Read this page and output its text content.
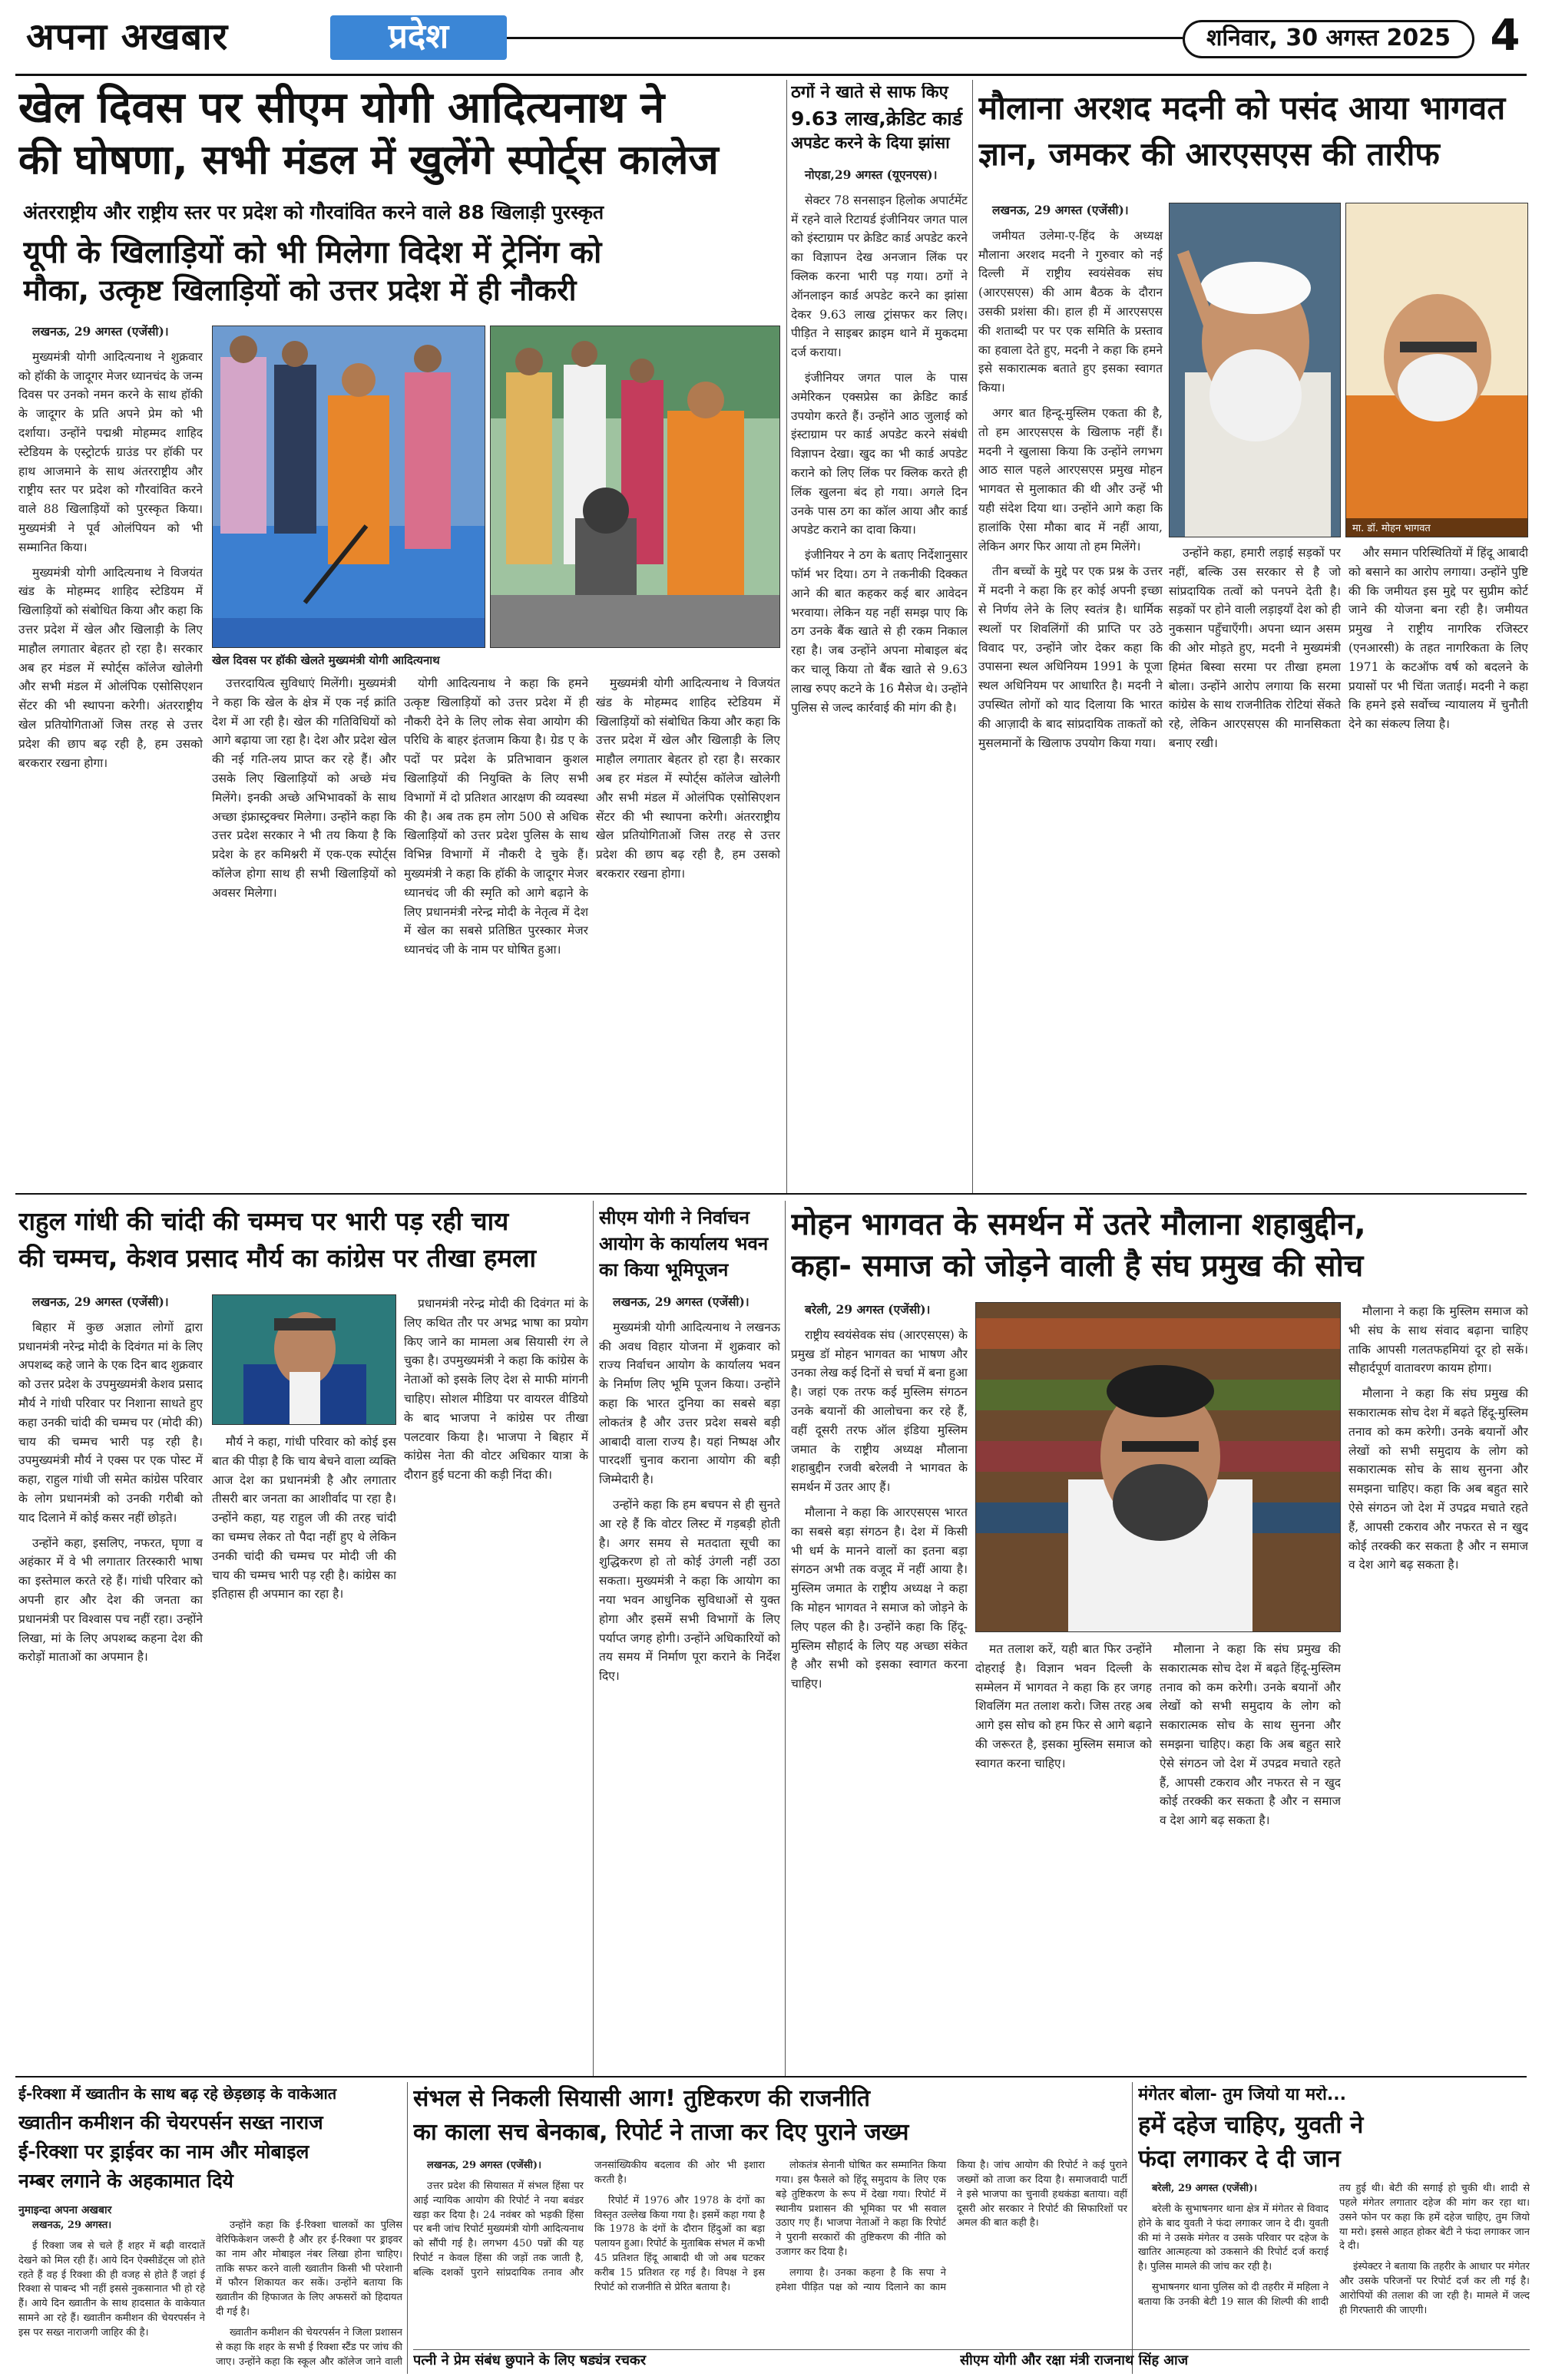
अपना अखबार	प्रदेश	शनिवार, 30 अगस्त 2025 4
खेल दिवस पर सीएम योगी आदित्यनाथ ने
की घोषणा, सभी मंडल में खुलेंगे स्पोर्ट्स कालेज
अंतरराष्ट्रीय और राष्ट्रीय स्तर पर प्रदेश को गौरवांवित करने वाले 88 खिलाड़ी पुरस्कृत
यूपी के खिलाड़ियों को भी मिलेगा विदेश में ट्रेनिंग को
मौका, उत्कृष्ट खिलाड़ियों को उत्तर प्रदेश में ही नौकरी

लखनऊ, 29 अगस्त (एजेंसी)।

मुख्यमंत्री योगी आदित्यनाथ ने शुक्रवार को हॉकी के जादूगर मेजर ध्यानचंद के जन्म दिवस पर उनको नमन करने के साथ हॉकी के जादूगर के प्रति अपने प्रेम को भी दर्शाया। उन्होंने पद्मश्री मोहम्मद शाहिद स्टेडियम के एस्ट्रोटर्फ ग्राउंड पर हॉकी पर हाथ आजमाने के साथ अंतरराष्ट्रीय और राष्ट्रीय स्तर पर प्रदेश को गौरवांवित करने वाले 88 खिलाड़ियों को पुरस्कृत किया। मुख्यमंत्री ने पूर्व ओलंपियन को भी सम्मानित किया।

मुख्यमंत्री योगी आदित्यनाथ ने विजयंत खंड के मोहम्मद शाहिद स्टेडियम में खिलाड़ियों को संबोधित किया और कहा कि उत्तर प्रदेश में खेल और खिलाड़ी के लिए माहौल लगातार बेहतर हो रहा है। सरकार अब हर मंडल में स्पोर्ट्स कॉलेज खोलेगी और सभी मंडल में ओलंपिक एसोसिएशन सेंटर की भी स्थापना करेगी। अंतरराष्ट्रीय खेल प्रतियोगिताओं जिस तरह से उत्तर प्रदेश की छाप बढ़ रही है, हम उसको बरकरार रखना होगा।

खेल दिवस पर हॉकी खेलते मुख्यमंत्री योगी आदित्यनाथ

उत्तरदायित्व सुविधाएं मिलेंगी। मुख्यमंत्री ने कहा कि खेल के क्षेत्र में एक नई क्रांति देश में आ रही है। खेल की गतिविधियों को आगे बढ़ाया जा रहा है। देश और प्रदेश खेल की नई गति-लय प्राप्त कर रहे हैं। और उसके लिए खिलाड़ियों को अच्छे मंच मिलेंगे। इनकी अच्छे अभिभावकों के साथ अच्छा इंफ्रास्ट्रक्चर मिलेगा। उन्होंने कहा कि उत्तर प्रदेश सरकार ने भी तय किया है कि प्रदेश के हर कमिश्नरी में एक-एक स्पोर्ट्स कॉलेज होगा साथ ही सभी खिलाड़ियों को अवसर मिलेगा।

योगी आदित्यनाथ ने कहा कि हमने उत्कृष्ट खिलाड़ियों को उत्तर प्रदेश में ही नौकरी देने के लिए लोक सेवा आयोग की परिधि के बाहर इंतजाम किया है। ग्रेड ए के पदों पर प्रदेश के प्रतिभावान कुशल खिलाड़ियों की नियुक्ति के लिए सभी विभागों में दो प्रतिशत आरक्षण की व्यवस्था की है। अब तक हम लोग 500 से अधिक खिलाड़ियों को उत्तर प्रदेश पुलिस के साथ विभिन्न विभागों में नौकरी दे चुके हैं। मुख्यमंत्री ने कहा कि हॉकी के जादूगर मेजर ध्यानचंद जी की स्मृति को आगे बढ़ाने के लिए प्रधानमंत्री नरेन्द्र मोदी के नेतृत्व में देश में खेल का सबसे प्रतिष्ठित पुरस्कार मेजर ध्यानचंद जी के नाम पर घोषित हुआ।

मुख्यमंत्री योगी आदित्यनाथ ने विजयंत खंड के मोहम्मद शाहिद स्टेडियम में खिलाड़ियों को संबोधित किया और कहा कि उत्तर प्रदेश में खेल और खिलाड़ी के लिए माहौल लगातार बेहतर हो रहा है। सरकार अब हर मंडल में स्पोर्ट्स कॉलेज खोलेगी और सभी मंडल में ओलंपिक एसोसिएशन सेंटर की भी स्थापना करेगी। अंतरराष्ट्रीय खेल प्रतियोगिताओं जिस तरह से उत्तर प्रदेश की छाप बढ़ रही है, हम उसको बरकरार रखना होगा।

ठगों ने खाते से साफ किए
9.63 लाख,क्रेडिट कार्ड
अपडेट करने के दिया झांसा

नोएडा,29 अगस्त (यूएनएस)।

सेक्टर 78 सनसाइन हिलोक अपार्टमेंट में रहने वाले रिटायर्ड इंजीनियर जगत पाल को इंस्टाग्राम पर क्रेडिट कार्ड अपडेट करने का विज्ञापन देख अनजान लिंक पर क्लिक करना भारी पड़ गया। ठगों ने ऑनलाइन कार्ड अपडेट करने का झांसा देकर 9.63 लाख ट्रांसफर कर लिए। पीड़ित ने साइबर क्राइम थाने में मुकदमा दर्ज कराया।

इंजीनियर जगत पाल के पास अमेरिकन एक्सप्रेस का क्रेडिट कार्ड उपयोग करते हैं। उन्होंने आठ जुलाई को इंस्टाग्राम पर कार्ड अपडेट करने संबंधी विज्ञापन देखा। खुद का भी कार्ड अपडेट कराने को लिए लिंक पर क्लिक करते ही लिंक खुलना बंद हो गया। अगले दिन उनके पास ठग का कॉल आया और कार्ड अपडेट कराने का दावा किया।

इंजीनियर ने ठग के बताए निर्देशानुसार फॉर्म भर दिया। ठग ने तकनीकी दिक्कत आने की बात कहकर कई बार आवेदन भरवाया। लेकिन यह नहीं समझ पाए कि ठग उनके बैंक खाते से ही रकम निकाल रहा है। जब उन्होंने अपना मोबाइल बंद कर चालू किया तो बैंक खाते से 9.63 लाख रुपए कटने के 16 मैसेज थे। उन्होंने पुलिस से जल्द कार्रवाई की मांग की है।

मौलाना अरशद मदनी को पसंद आया भागवत
ज्ञान, जमकर की आरएसएस की तारीफ

लखनऊ, 29 अगस्त (एजेंसी)।

जमीयत उलेमा-ए-हिंद के अध्यक्ष मौलाना अरशद मदनी ने गुरुवार को नई दिल्ली में राष्ट्रीय स्वयंसेवक संघ (आरएसएस) की आम बैठक के दौरान उसकी प्रशंसा की। हाल ही में आरएसएस की शताब्दी पर पर एक समिति के प्रस्ताव का हवाला देते हुए, मदनी ने कहा कि हमने इसे सकारात्मक बताते हुए इसका स्वागत किया।

अगर बात हिन्दू-मुस्लिम एकता की है, तो हम आरएसएस के खिलाफ नहीं हैं। मदनी ने खुलासा किया कि उन्होंने लगभग आठ साल पहले आरएसएस प्रमुख मोहन भागवत से मुलाकात की थी और उन्हें भी यही संदेश दिया था। उन्होंने आगे कहा कि हालांकि ऐसा मौका बाद में नहीं आया, लेकिन अगर फिर आया तो हम मिलेंगे।

तीन बच्चों के मुद्दे पर एक प्रश्न के उत्तर में मदनी ने कहा कि हर कोई अपनी इच्छा से निर्णय लेने के लिए स्वतंत्र है। धार्मिक स्थलों पर शिवलिंगों की प्राप्ति पर उठे विवाद पर, उन्होंने जोर देकर कहा कि उपासना स्थल अधिनियम 1991 के पूजा स्थल अधिनियम पर आधारित है। मदनी ने उपस्थित लोगों को याद दिलाया कि भारत की आज़ादी के बाद सांप्रदायिक ताकतों को मुसलमानों के खिलाफ उपयोग किया गया।

मा. डॉ. मोहन भागवत

उन्होंने कहा, हमारी लड़ाई सड़कों पर नहीं, बल्कि उस सरकार से है जो सांप्रदायिक तत्वों को पनपने देती है। सड़कों पर होने वाली लड़ाइयाँ देश को ही नुकसान पहुँचाएँगी। अपना ध्यान असम की ओर मोड़ते हुए, मदनी ने मुख्यमंत्री हिमंत बिस्वा सरमा पर तीखा हमला बोला। उन्होंने आरोप लगाया कि सरमा कांग्रेस के साथ राजनीतिक रोटियां सेंकते रहे, लेकिन आरएसएस की मानसिकता बनाए रखी।

और समान परिस्थितियों में हिंदू आबादी को बसाने का आरोप लगाया। उन्होंने पुष्टि की कि जमीयत इस मुद्दे पर सुप्रीम कोर्ट जाने की योजना बना रही है। जमीयत प्रमुख ने राष्ट्रीय नागरिक रजिस्टर (एनआरसी) के तहत नागरिकता के लिए 1971 के कटऑफ वर्ष को बदलने के प्रयासों पर भी चिंता जताई। मदनी ने कहा कि हमने इसे सर्वोच्च न्यायालय में चुनौती देने का संकल्प लिया है।

राहुल गांधी की चांदी की चम्मच पर भारी पड़ रही चाय
की चम्मच, केशव प्रसाद मौर्य का कांग्रेस पर तीखा हमला

लखनऊ, 29 अगस्त (एजेंसी)।

बिहार में कुछ अज्ञात लोगों द्वारा प्रधानमंत्री नरेन्द्र मोदी के दिवंगत मां के लिए अपशब्द कहे जाने के एक दिन बाद शुक्रवार को उत्तर प्रदेश के उपमुख्यमंत्री केशव प्रसाद मौर्य ने गांधी परिवार पर निशाना साधते हुए कहा उनकी चांदी की चम्मच पर (मोदी की) चाय की चम्मच भारी पड़ रही है। उपमुख्यमंत्री मौर्य ने एक्स पर एक पोस्ट में कहा, राहुल गांधी जी समेत कांग्रेस परिवार के लोग प्रधानमंत्री को उनकी गरीबी को याद दिलाने में कोई कसर नहीं छोड़ते।

उन्होंने कहा, इसलिए, नफरत, घृणा व अहंकार में वे भी लगातार तिरस्कारी भाषा का इस्तेमाल करते रहे हैं। गांधी परिवार को अपनी हार और देश की जनता का प्रधानमंत्री पर विश्वास पच नहीं रहा। उन्होंने लिखा, मां के लिए अपशब्द कहना देश की करोड़ों माताओं का अपमान है।

मौर्य ने कहा, गांधी परिवार को कोई इस बात की पीड़ा है कि चाय बेचने वाला व्यक्ति आज देश का प्रधानमंत्री है और लगातार तीसरी बार जनता का आशीर्वाद पा रहा है। उन्होंने कहा, यह राहुल जी की तरह चांदी का चम्मच लेकर तो पैदा नहीं हुए थे लेकिन उनकी चांदी की चम्मच पर मोदी जी की चाय की चम्मच भारी पड़ रही है। कांग्रेस का इतिहास ही अपमान का रहा है।

प्रधानमंत्री नरेन्द्र मोदी की दिवंगत मां के लिए कथित तौर पर अभद्र भाषा का प्रयोग किए जाने का मामला अब सियासी रंग ले चुका है। उपमुख्यमंत्री ने कहा कि कांग्रेस के नेताओं को इसके लिए देश से माफी मांगनी चाहिए। सोशल मीडिया पर वायरल वीडियो के बाद भाजपा ने कांग्रेस पर तीखा पलटवार किया है। भाजपा ने बिहार में कांग्रेस नेता की वोटर अधिकार यात्रा के दौरान हुई घटना की कड़ी निंदा की।

सीएम योगी ने निर्वाचन
आयोग के कार्यालय भवन
का किया भूमिपूजन

लखनऊ, 29 अगस्त (एजेंसी)।

मुख्यमंत्री योगी आदित्यनाथ ने लखनऊ की अवध विहार योजना में शुक्रवार को राज्य निर्वाचन आयोग के कार्यालय भवन के निर्माण लिए भूमि पूजन किया। उन्होंने कहा कि भारत दुनिया का सबसे बड़ा लोकतंत्र है और उत्तर प्रदेश सबसे बड़ी आबादी वाला राज्य है। यहां निष्पक्ष और पारदर्शी चुनाव कराना आयोग की बड़ी जिम्मेदारी है।

उन्होंने कहा कि हम बचपन से ही सुनते आ रहे हैं कि वोटर लिस्ट में गड़बड़ी होती है। अगर समय से मतदाता सूची का शुद्धिकरण हो तो कोई उंगली नहीं उठा सकता। मुख्यमंत्री ने कहा कि आयोग का नया भवन आधुनिक सुविधाओं से युक्त होगा और इसमें सभी विभागों के लिए पर्याप्त जगह होगी। उन्होंने अधिकारियों को तय समय में निर्माण पूरा कराने के निर्देश दिए।

मोहन भागवत के समर्थन में उतरे मौलाना शहाबुद्दीन,
कहा- समाज को जोड़ने वाली है संघ प्रमुख की सोच

बरेली, 29 अगस्त (एजेंसी)।

राष्ट्रीय स्वयंसेवक संघ (आरएसएस) के प्रमुख डॉ मोहन भागवत का भाषण और उनका लेख कई दिनों से चर्चा में बना हुआ है। जहां एक तरफ कई मुस्लिम संगठन उनके बयानों की आलोचना कर रहे हैं, वहीं दूसरी तरफ ऑल इंडिया मुस्लिम जमात के राष्ट्रीय अध्यक्ष मौलाना शहाबुद्दीन रजवी बरेलवी ने भागवत के समर्थन में उतर आए हैं।

मौलाना ने कहा कि आरएसएस भारत का सबसे बड़ा संगठन है। देश में किसी भी धर्म के मानने वालों का इतना बड़ा संगठन अभी तक वजूद में नहीं आया है। मुस्लिम जमात के राष्ट्रीय अध्यक्ष ने कहा कि मोहन भागवत ने समाज को जोड़ने के लिए पहल की है। उन्होंने कहा कि हिंदू-मुस्लिम सौहार्द के लिए यह अच्छा संकेत है और सभी को इसका स्वागत करना चाहिए।

मत तलाश करें, यही बात फिर उन्होंने दोहराई है। विज्ञान भवन दिल्ली के सम्मेलन में भागवत ने कहा कि हर जगह शिवलिंग मत तलाश करो। जिस तरह अब आगे इस सोच को हम फिर से आगे बढ़ाने की जरूरत है, इसका मुस्लिम समाज को स्वागत करना चाहिए।

मौलाना ने कहा कि संघ प्रमुख की सकारात्मक सोच देश में बढ़ते हिंदू-मुस्लिम तनाव को कम करेगी। उनके बयानों और लेखों को सभी समुदाय के लोग को सकारात्मक सोच के साथ सुनना और समझना चाहिए। कहा कि अब बहुत सारे ऐसे संगठन जो देश में उपद्रव मचाते रहते हैं, आपसी टकराव और नफरत से न खुद कोई तरक्की कर सकता है और न समाज व देश आगे बढ़ सकता है।

मौलाना ने कहा कि मुस्लिम समाज को भी संघ के साथ संवाद बढ़ाना चाहिए ताकि आपसी गलतफहमियां दूर हो सकें। सौहार्दपूर्ण वातावरण कायम होगा।

मौलाना ने कहा कि संघ प्रमुख की सकारात्मक सोच देश में बढ़ते हिंदू-मुस्लिम तनाव को कम करेगी। उनके बयानों और लेखों को सभी समुदाय के लोग को सकारात्मक सोच के साथ सुनना और समझना चाहिए। कहा कि अब बहुत सारे ऐसे संगठन जो देश में उपद्रव मचाते रहते हैं, आपसी टकराव और नफरत से न खुद कोई तरक्की कर सकता है और न समाज व देश आगे बढ़ सकता है।

ई-रिक्शा में ख्वातीन के साथ बढ़ रहे छेड़छाड़ के वाकेआत
ख्वातीन कमीशन की चेयरपर्सन सख्त नाराज
ई-रिक्शा पर ड्राईवर का नाम और मोबाइल
नम्बर लगाने के अहकामात दिये
नुमाइन्दा अपना अखबार

लखनऊ, 29 अगस्त।

ई रिक्शा जब से चले हैं शहर में बढ़ी वारदातें देखने को मिल रही हैं। आये दिन ऐक्सीडेंट्स जो होते रहते हैं वह ई रिक्शा की ही वजह से होते हैं जहां ई रिक्शा से पाबन्द भी नहीं इससे नुकसानात भी हो रहे हैं। आये दिन ख्वातीन के साथ हादसात के वाकेयात सामने आ रहे हैं। ख्वातीन कमीशन की चेयरपर्सन ने इस पर सख्त नाराजगी जाहिर की है।

उन्होंने कहा कि ई-रिक्शा चालकों का पुलिस वेरिफिकेशन जरूरी है और हर ई-रिक्शा पर ड्राइवर का नाम और मोबाइल नंबर लिखा होना चाहिए। ताकि सफर करने वाली ख्वातीन किसी भी परेशानी में फौरन शिकायत कर सकें। उन्होंने बताया कि ख्वातीन की हिफाजत के लिए अफसरों को हिदायत दी गई है।

ख्वातीन कमीशन की चेयरपर्सन ने जिला प्रशासन से कहा कि शहर के सभी ई रिक्शा स्टैंड पर जांच की जाए। उन्होंने कहा कि स्कूल और कॉलेज जाने वाली

संभल से निकली सियासी आग! तुष्टिकरण की राजनीति
का काला सच बेनकाब, रिपोर्ट ने ताजा कर दिए पुराने जख्म

लखनऊ, 29 अगस्त (एजेंसी)।

उत्तर प्रदेश की सियासत में संभल हिंसा पर आई न्यायिक आयोग की रिपोर्ट ने नया बवंडर खड़ा कर दिया है। 24 नवंबर को भड़की हिंसा पर बनी जांच रिपोर्ट मुख्यमंत्री योगी आदित्यनाथ को सौंपी गई है। लगभग 450 पन्नों की यह रिपोर्ट न केवल हिंसा की जड़ों तक जाती है, बल्कि दशकों पुराने सांप्रदायिक तनाव और जनसांख्यिकीय बदलाव की ओर भी इशारा करती है।

रिपोर्ट में 1976 और 1978 के दंगों का विस्तृत उल्लेख किया गया है। इसमें कहा गया है कि 1978 के दंगों के दौरान हिंदुओं का बड़ा पलायन हुआ। रिपोर्ट के मुताबिक संभल में कभी 45 प्रतिशत हिंदू आबादी थी जो अब घटकर करीब 15 प्रतिशत रह गई है। विपक्ष ने इस रिपोर्ट को राजनीति से प्रेरित बताया है।

लोकतंत्र सेनानी घोषित कर सम्मानित किया गया। इस फैसले को हिंदू समुदाय के लिए एक बड़े तुष्टिकरण के रूप में देखा गया। रिपोर्ट में स्थानीय प्रशासन की भूमिका पर भी सवाल उठाए गए हैं। भाजपा नेताओं ने कहा कि रिपोर्ट ने पुरानी सरकारों की तुष्टिकरण की नीति को उजागर कर दिया है।

लगाया है। उनका कहना है कि सपा ने हमेशा पीड़ित पक्ष को न्याय दिलाने का काम किया है। जांच आयोग की रिपोर्ट ने कई पुराने जख्मों को ताजा कर दिया है। समाजवादी पार्टी ने इसे भाजपा का चुनावी हथकंडा बताया। वहीं दूसरी ओर सरकार ने रिपोर्ट की सिफारिशों पर अमल की बात कही है।

मंगेतर बोला- तुम जियो या मरो...
हमें दहेज चाहिए, युवती ने
फंदा लगाकर दे दी जान

बरेली, 29 अगस्त (एजेंसी)।

बरेली के सुभाषनगर थाना क्षेत्र में मंगेतर से विवाद होने के बाद युवती ने फंदा लगाकर जान दे दी। युवती की मां ने उसके मंगेतर व उसके परिवार पर दहेज के खातिर आत्महत्या को उकसाने की रिपोर्ट दर्ज कराई है। पुलिस मामले की जांच कर रही है।

सुभाषनगर थाना पुलिस को दी तहरीर में महिला ने बताया कि उनकी बेटी 19 साल की शिल्पी की शादी तय हुई थी। बेटी की सगाई हो चुकी थी। शादी से पहले मंगेतर लगातार दहेज की मांग कर रहा था। उसने फोन पर कहा कि हमें दहेज चाहिए, तुम जियो या मरो। इससे आहत होकर बेटी ने फंदा लगाकर जान दे दी।

इंस्पेक्टर ने बताया कि तहरीर के आधार पर मंगेतर और उसके परिजनों पर रिपोर्ट दर्ज कर ली गई है। आरोपियों की तलाश की जा रही है। मामले में जल्द ही गिरफ्तारी की जाएगी।

पत्नी ने प्रेम संबंध छुपाने के लिए षड्यंत्र रचकर	सीएम योगी और रक्षा मंत्री राजनाथ सिंह आज
अपने ही पति को झूठे पोक्सो केस में फंसा दिया आगरा, 29 अगस्त (एजेंसी)। आगरा के पिनाहट कस्बा में हैरान कर देने वाला मामला सामने आया है। पत्नी ने अपने प्रेम संबंध छुपाने के लिए षड्यंत्र रचकर अपने ही पति को झूठे पोक्सो केस में फंसा दिया। पुलिस जांच में सच्चाई सामने आने के बाद पति को राहत मिली है और अब पत्नी और उसके प्रेमी के खिलाफ कार्रवाई की जा रही है। पीड़ित पति ने बताया कि उसकी पत्नी का गांव के ही एक युवक से प्रेम संबंध था। जब उसने इसका विरोध किया तो पत्नी ने साजिश के तहत उसे झूठे मामले में फंसा दिया। पुलिस ने कहा कि मामले की गहनता से जांच की गई और आरोप निराधार पाए गए। नोएडा में डिफेंस ड्रोन फैक्ट्री का करेंगे निरीक्षण नोएडा,29 अगस्त (यूएनएस)। मुख्यमंत्री योगी आदित्यनाथ और रक्षा मंत्री राजनाथ सिंह शनिवार को नोएडा पहुंचेंगे। यहां पर फेज-2 में स्थित एक डिफेंस ड्रोन फैक्ट्री का निरीक्षण करेंगे। इसके बाद दोनों नेता नोएडा के सेक्टर-113 जाएंगे। यहां हेलीपैड बनाया जा रहा है। यहां से सड़क मार्ग से फेज-2 पहुंचेंगे। बताया गया कि यह डिफेंस ड्रोन फैक्ट्री उत्तर प्रदेश में रक्षा उत्पादन को बढ़ावा देगी। यहां आधुनिक ड्रोन का निर्माण किया जाएगा। जिला प्रशासन और पुलिस अधिकारियों ने तैयारियों का जायजा लिया है। कार्यक्रम स्थल पर सुरक्षा के कड़े इंतजाम किए गए हैं। यहां कंपनियों में लाखों रुपये का निवेश होगा और हजारों युवाओं को रोजगार मिलेगा।
